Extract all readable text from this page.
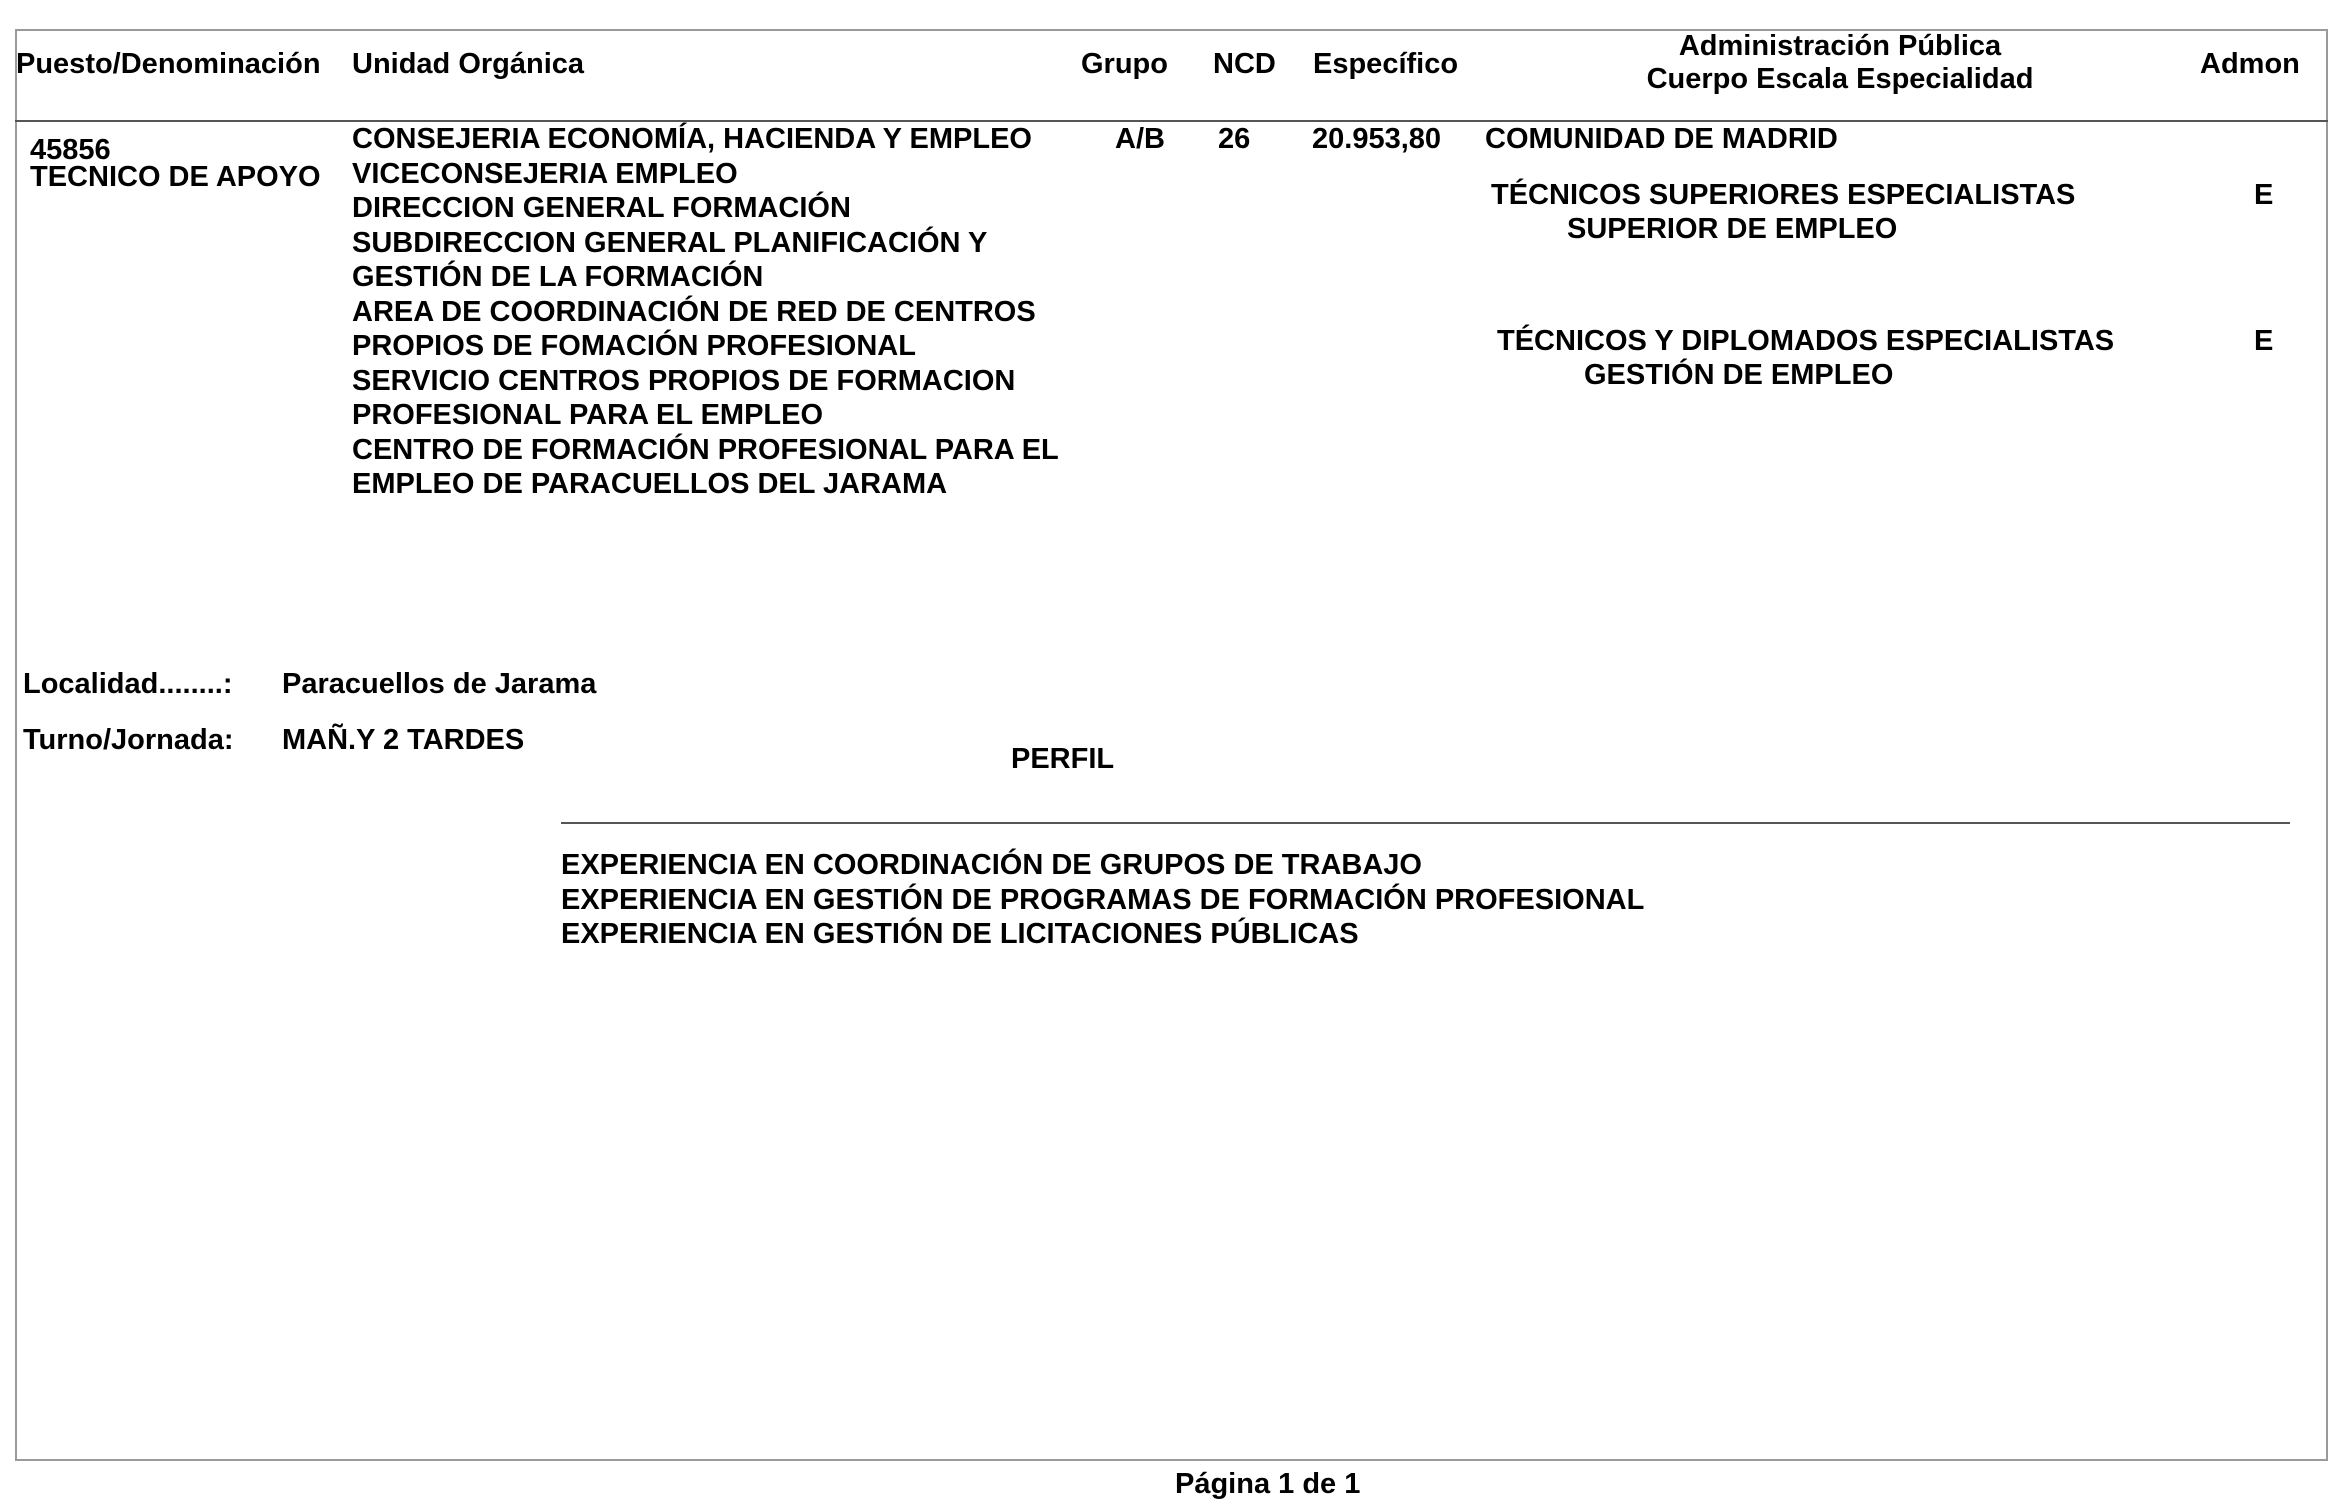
Puesto/Denominación Unidad Orgánica	Grupo NCD Específico
Administración Pública
Cuerpo Escala Especialidad	Admon
45856
TECNICO DE APOYO
CONSEJERIA ECONOMÍA, HACIENDA Y EMPLEO
VICECONSEJERIA EMPLEO
DIRECCION GENERAL FORMACIÓN
SUBDIRECCION GENERAL PLANIFICACIÓN Y
GESTIÓN DE LA FORMACIÓN
AREA DE COORDINACIÓN DE RED DE CENTROS
PROPIOS DE FOMACIÓN PROFESIONAL
SERVICIO CENTROS PROPIOS DE FORMACION
PROFESIONAL PARA EL EMPLEO
CENTRO DE FORMACIÓN PROFESIONAL PARA EL
EMPLEO DE PARACUELLOS DEL JARAMA
A/B 26 20.953,80 COMUNIDAD DE MADRID
TÉCNICOS SUPERIORES ESPECIALISTAS
SUPERIOR DE EMPLEO
E
TÉCNICOS Y DIPLOMADOS ESPECIALISTAS
GESTIÓN DE EMPLEO
E
Localidad........: Paracuellos de Jarama
Turno/Jornada: MAÑ.Y 2 TARDES
PERFIL
EXPERIENCIA EN COORDINACIÓN DE GRUPOS DE TRABAJO
EXPERIENCIA EN GESTIÓN DE PROGRAMAS DE FORMACIÓN PROFESIONAL
EXPERIENCIA EN GESTIÓN DE LICITACIONES PÚBLICAS
Página 1 de 1
